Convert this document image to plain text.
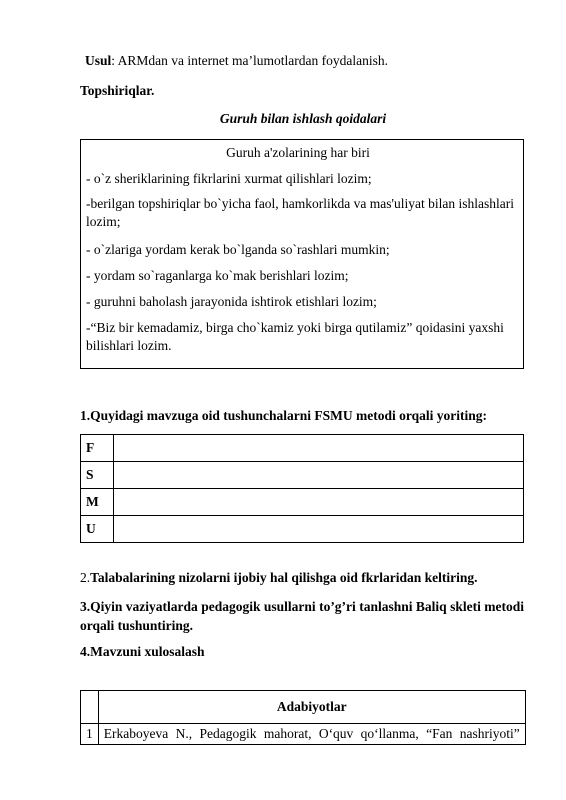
Usul: ARMdan va internet ma’lumotlardan foydalanish.
Topshiriqlar.
Guruh bilan ishlash qoidalari
Guruh a'zolarining har biri
- o`z sheriklarining fikrlarini xurmat qilishlari lozim;
-berilgan topshiriqlar bo`yicha faol, hamkorlikda va mas'uliyat bilan ishlashlari lozim;
- o`zlariga yordam kerak bo`lganda so`rashlari mumkin;
- yordam so`raganlarga ko`mak berishlari lozim;
- guruhni baholash jarayonida ishtirok etishlari lozim;
-“Biz bir kemadamiz, birga cho`kamiz yoki birga qutilamiz” qoidasini yaxshi bilishlari lozim.
1.Quyidagi mavzuga oid tushunchalarni FSMU metodi orqali yoriting:
F	
S	
M	
U	
2.Talabalarining nizolarni ijobiy hal qilishga oid fkrlaridan keltiring.
3.Qiyin vaziyatlarda pedagogik usullarni to’g’ri tanlashni Baliq skleti metodi orqali tushuntiring.
4.Mavzuni xulosalash
	Adabiyotlar
1	Erkaboyeva N., Pedagogik mahorat, O‘quv qo‘llanma, “Fan nashriyoti”
